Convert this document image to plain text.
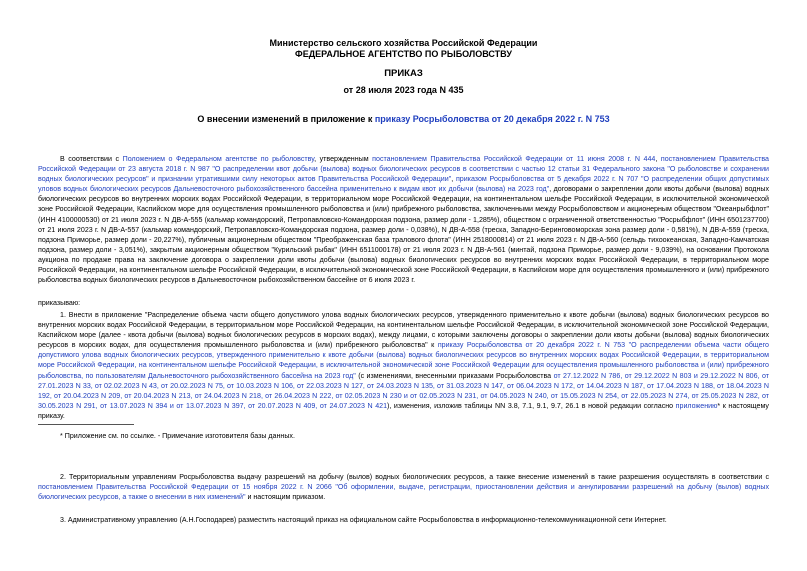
Министерство сельского хозяйства Российской Федерации
ФЕДЕРАЛЬНОЕ АГЕНТСТВО ПО РЫБОЛОВСТВУ
ПРИКАЗ
от 28 июля 2023 года N 435
О внесении изменений в приложение к приказу Росрыболовства от 20 декабря 2022 г. N 753
В соответствии с Положением о Федеральном агентстве по рыболовству, утвержденным постановлением Правительства Российской Федерации от 11 июня 2008 г. N 444, постановлением Правительства Российской Федерации от 23 августа 2018 г. N 987 "О распределении квот добычи (вылова) водных биологических ресурсов в соответствии с частью 12 статьи 31 Федерального закона "О рыболовстве и сохранении водных биологических ресурсов" и признании утратившими силу некоторых актов Правительства Российской Федерации", приказом Росрыболовства от 5 декабря 2022 г. N 707 "О распределении общих допустимых уловов водных биологических ресурсов Дальневосточного рыбохозяйственного бассейна применительно к видам квот их добычи (вылова) на 2023 год", договорами о закреплении доли квоты добычи (вылова) водных биологических ресурсов во внутренних морских водах Российской Федерации, в территориальном море Российской Федерации, на континентальном шельфе Российской Федерации, в исключительной экономической зоне Российской Федерации, Каспийском море для осуществления промышленного рыболовства и (или) прибрежного рыболовства, заключенными между Росрыболовством и акционерным обществом "Океанрыбфлот" (ИНН 4100000530) от 21 июля 2023 г. N ДВ-А-555 (кальмар командорский, Петропавловско-Командорская подзона, размер доли - 1,285%), обществом с ограниченной ответственностью "Росрыбфлот" (ИНН 6501237700) от 21 июля 2023 г. N ДВ-А-557 (кальмар командорский, Петропавловско-Командорская подзона, размер доли - 0,038%), N ДВ-А-558 (треска, Западно-Беринговоморская зона размер доли - 0,581%), N ДВ-А-559 (треска, подзона Приморье, размер доли - 20,227%), публичным акционерным обществом "Преображенская база тралового флота" (ИНН 2518000814) от 21 июля 2023 г. N ДВ-А-560 (сельдь тихоокеанская, Западно-Камчатская подзона, размер доли - 3,051%), закрытым акционерным обществом "Курильский рыбак" (ИНН 6511000178) от 21 июля 2023 г. N ДВ-А-561 (минтай, подзона Приморье, размер доли - 9,039%), на основании Протокола аукциона по продаже права на заключение договора о закреплении доли квоты добычи (вылова) водных биологических ресурсов во внутренних морских водах Российской Федерации, в территориальном море Российской Федерации, на континентальном шельфе Российской Федерации, в исключительной экономической зоне Российской Федерации, в Каспийском море для осуществления промышленного и (или) прибрежного рыболовства водных биологических ресурсов в Дальневосточном рыбохозяйственном бассейне от 6 июля 2023 г.
приказываю:
1. Внести в приложение "Распределение объема части общего допустимого улова водных биологических ресурсов, утвержденного применительно к квоте добычи (вылова) водных биологических ресурсов во внутренних морских водах Российской Федерации, в территориальном море Российской Федерации, на континентальном шельфе Российской Федерации, в исключительной экономической зоне Российской Федерации, Каспийском море (далее - квота добычи (вылова) водных биологических ресурсов в морских водах), между лицами, с которыми заключены договоры о закреплении доли квоты добычи (вылова) водных биологических ресурсов в морских водах, для осуществления промышленного рыболовства и (или) прибрежного рыболовства" к приказу Росрыболовства от 20 декабря 2022 г. N 753 "О распределении объема части общего допустимого улова водных биологических ресурсов, утвержденного применительно к квоте добычи (вылова) водных биологических ресурсов во внутренних морских водах Российской Федерации, в территориальном море Российской Федерации, на континентальном шельфе Российской Федерации, в исключительной экономической зоне Российской Федерации для осуществления промышленного рыболовства и (или) прибрежного рыболовства, по пользователям Дальневосточного рыбохозяйственного бассейна на 2023 год" (с изменениями, внесенными приказами Росрыболовства от 27.12.2022 N 786, от 29.12.2022 N 803 и 29.12.2022 N 806, от 27.01.2023 N 33, от 02.02.2023 N 43, от 20.02.2023 N 75, от 10.03.2023 N 106, от 22.03.2023 N 127, от 24.03.2023 N 135, от 31.03.2023 N 147, от 06.04.2023 N 172, от 14.04.2023 N 187, от 17.04.2023 N 188, от 18.04.2023 N 192, от 20.04.2023 N 209, от 20.04.2023 N 213, от 24.04.2023 N 218, от 26.04.2023 N 222, от 02.05.2023 N 230 и от 02.05.2023 N 231, от 04.05.2023 N 240, от 15.05.2023 N 254, от 22.05.2023 N 274, от 25.05.2023 N 282, от 30.05.2023 N 291, от 13.07.2023 N 394 и от 13.07.2023 N 397, от 20.07.2023 N 409, от 24.07.2023 N 421), изменения, изложив таблицы NN 3.8, 7.1, 9.1, 9.7, 26.1 в новой редакции согласно приложению* к настоящему приказу.
* Приложение см. по ссылке. - Примечание изготовителя базы данных.
2. Территориальным управлениям Росрыболовства выдачу разрешений на добычу (вылов) водных биологических ресурсов, а также внесение изменений в такие разрешения осуществлять в соответствии с постановлением Правительства Российской Федерации от 15 ноября 2022 г. N 2066 "Об оформлении, выдаче, регистрации, приостановлении действия и аннулировании разрешений на добычу (вылов) водных биологических ресурсов, а также о внесении в них изменений" и настоящим приказом.
3. Административному управлению (А.Н.Господарев) разместить настоящий приказ на официальном сайте Росрыболовства в информационно-телекоммуникационной сети Интернет.
